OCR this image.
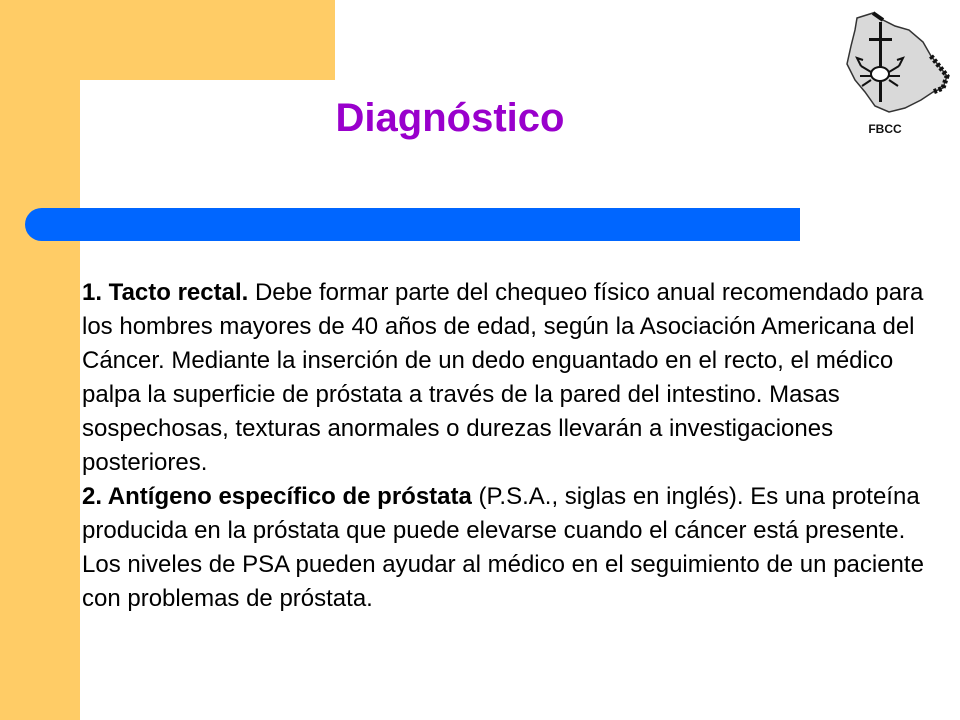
Diagnóstico	FBCC

1. Tacto rectal. Debe formar parte del chequeo físico anual recomendado para los hombres mayores de 40 años de edad, según la Asociación Americana del Cáncer. Mediante la inserción de un dedo enguantado en el recto, el médico palpa la superficie de próstata a través de la pared del intestino. Masas sospechosas, texturas anormales o durezas llevarán a investigaciones posteriores.

2. Antígeno específico de próstata (P.S.A., siglas en inglés). Es una proteína producida en la próstata que puede elevarse cuando el cáncer está presente. Los niveles de PSA pueden ayudar al médico en el seguimiento de un paciente con problemas de próstata.
